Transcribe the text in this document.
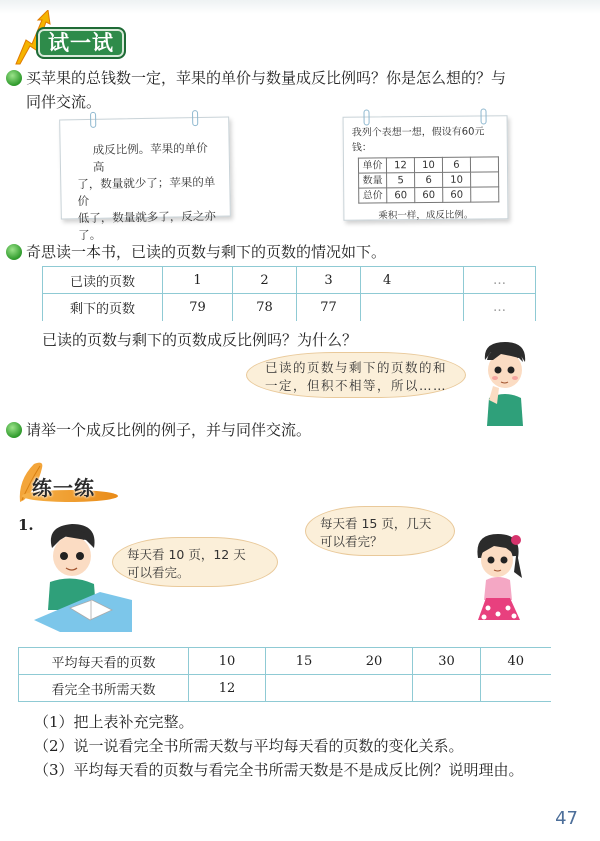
试一试
买苹果的总钱数一定，苹果的单价与数量成反比例吗？你是怎么想的？与
同伴交流。
成反比例。苹果的单价高
了，数量就少了；苹果的单价
低了，数量就多了，反之亦了。
我列个表想一想，假设有60元钱：
单价	12	10	6	
数量	5	6	10	
总价	60	60	60	
乘积一样，成反比例。
奇思读一本书，已读的页数与剩下的页数的情况如下。
已读的页数	1	2	3	4	…
剩下的页数	79	78	77		…
已读的页数与剩下的页数成反比例吗？为什么？
已读的页数与剩下的页数的和
一定，但积不相等，所以……
请举一个成反比例的例子，并与同伴交流。
练一练
1.
每天看 10 页，12 天
可以看完。
每天看 15 页，几天
可以看完？
平均每天看的页数	10	15 20	30	40
看完全书所需天数	12			
（1）把上表补充完整。
（2）说一说看完全书所需天数与平均每天看的页数的变化关系。
（3）平均每天看的页数与看完全书所需天数是不是成反比例？说明理由。
47
